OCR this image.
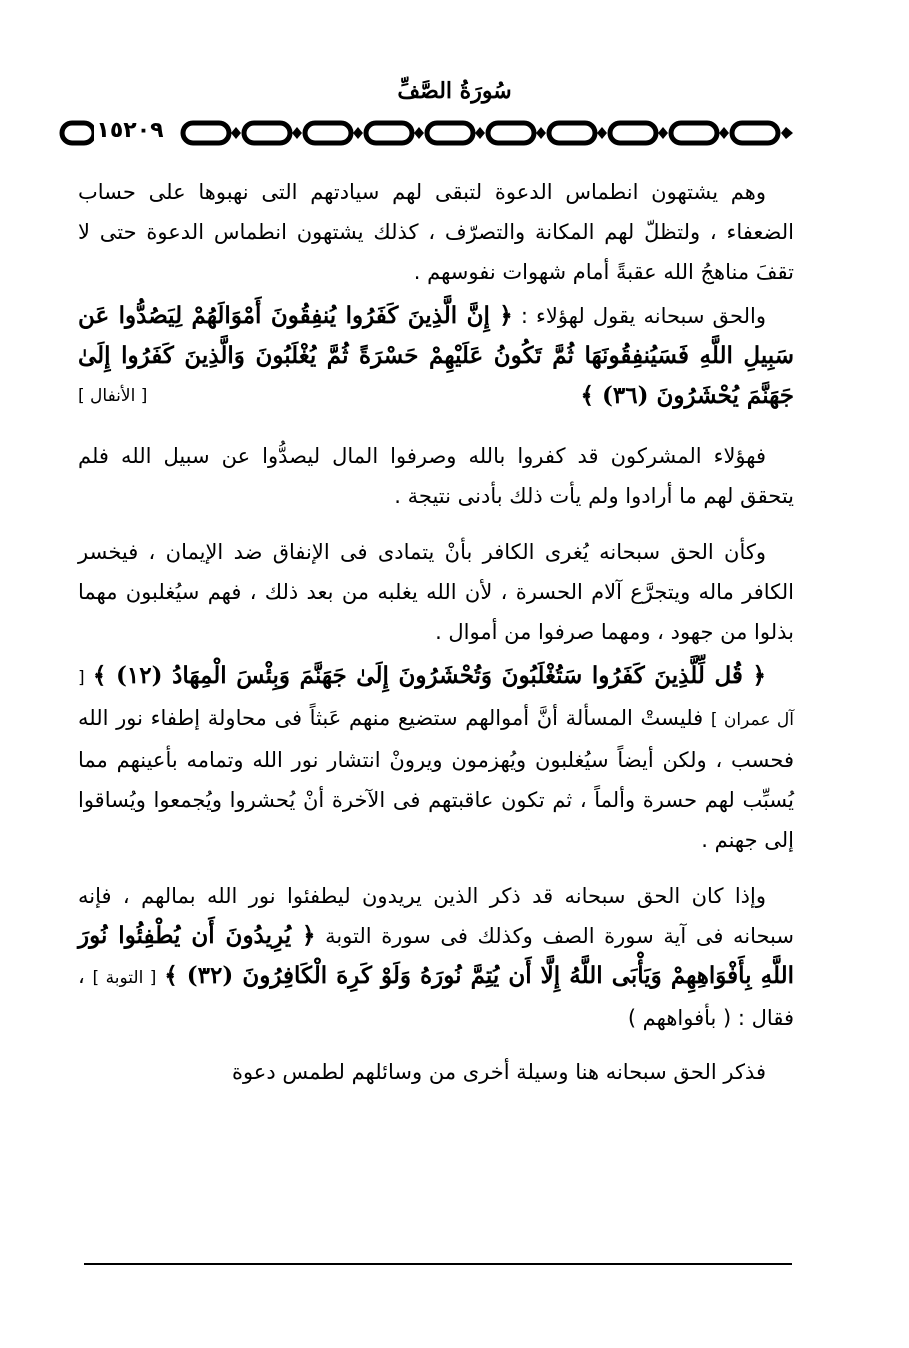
سُورَةُ الصَّفِّ
١٥٢٠٩

وهم يشتهون انطماس الدعوة لتبقى لهم سيادتهم التى نهبوها على حساب الضعفاء ، ولتظلّ لهم المكانة والتصرّف ، كذلك يشتهون انطماس الدعوة حتى لا تقفَ مناهجُ الله عقبةً أمام شهوات نفوسهم .

والحق سبحانه يقول لهؤلاء : ﴿ إِنَّ الَّذِينَ كَفَرُوا يُنفِقُونَ أَمْوَالَهُمْ لِيَصُدُّوا عَن سَبِيلِ اللَّهِ فَسَيُنفِقُونَهَا ثُمَّ تَكُونُ عَلَيْهِمْ حَسْرَةً ثُمَّ يُغْلَبُونَ وَالَّذِينَ كَفَرُوا إِلَىٰ جَهَنَّمَ يُحْشَرُونَ (٣٦) ﴾
[ الأنفال ]

فهؤلاء المشركون قد كفروا بالله وصرفوا المال ليصدُّوا عن سبيل الله فلم يتحقق لهم ما أرادوا ولم يأت ذلك بأدنى نتيجة .

وكأن الحق سبحانه يُغرى الكافر بأنْ يتمادى فى الإنفاق ضد الإيمان ، فيخسر الكافر ماله ويتجرَّع آلام الحسرة ، لأن الله يغلبه من بعد ذلك ، فهم سيُغلبون مهما بذلوا من جهود ، ومهما صرفوا من أموال .

﴿ قُل لِّلَّذِينَ كَفَرُوا سَتُغْلَبُونَ وَتُحْشَرُونَ إِلَىٰ جَهَنَّمَ وَبِئْسَ الْمِهَادُ (١٢) ﴾ [ آل عمران ] فليستْ المسألة أنَّ أموالهم ستضيع منهم عَبثاً فى محاولة إطفاء نور الله فحسب ، ولكن أيضاً سيُغلبون ويُهزمون ويرونْ انتشار نور الله وتمامه بأعينهم مما يُسبِّب لهم حسرة وألماً ، ثم تكون عاقبتهم فى الآخرة أنْ يُحشروا ويُجمعوا ويُساقوا إلى جهنم .

وإذا كان الحق سبحانه قد ذكر الذين يريدون ليطفئوا نور الله بمالهم ، فإنه سبحانه فى آية سورة الصف وكذلك فى سورة التوبة ﴿ يُرِيدُونَ أَن يُطْفِئُوا نُورَ اللَّهِ بِأَفْوَاهِهِمْ وَيَأْبَى اللَّهُ إِلَّا أَن يُتِمَّ نُورَهُ وَلَوْ كَرِهَ الْكَافِرُونَ (٣٢) ﴾ [ التوبة ] ، فقال : ( بأفواههم )

فذكر الحق سبحانه هنا وسيلة أخرى من وسائلهم لطمس دعوة
